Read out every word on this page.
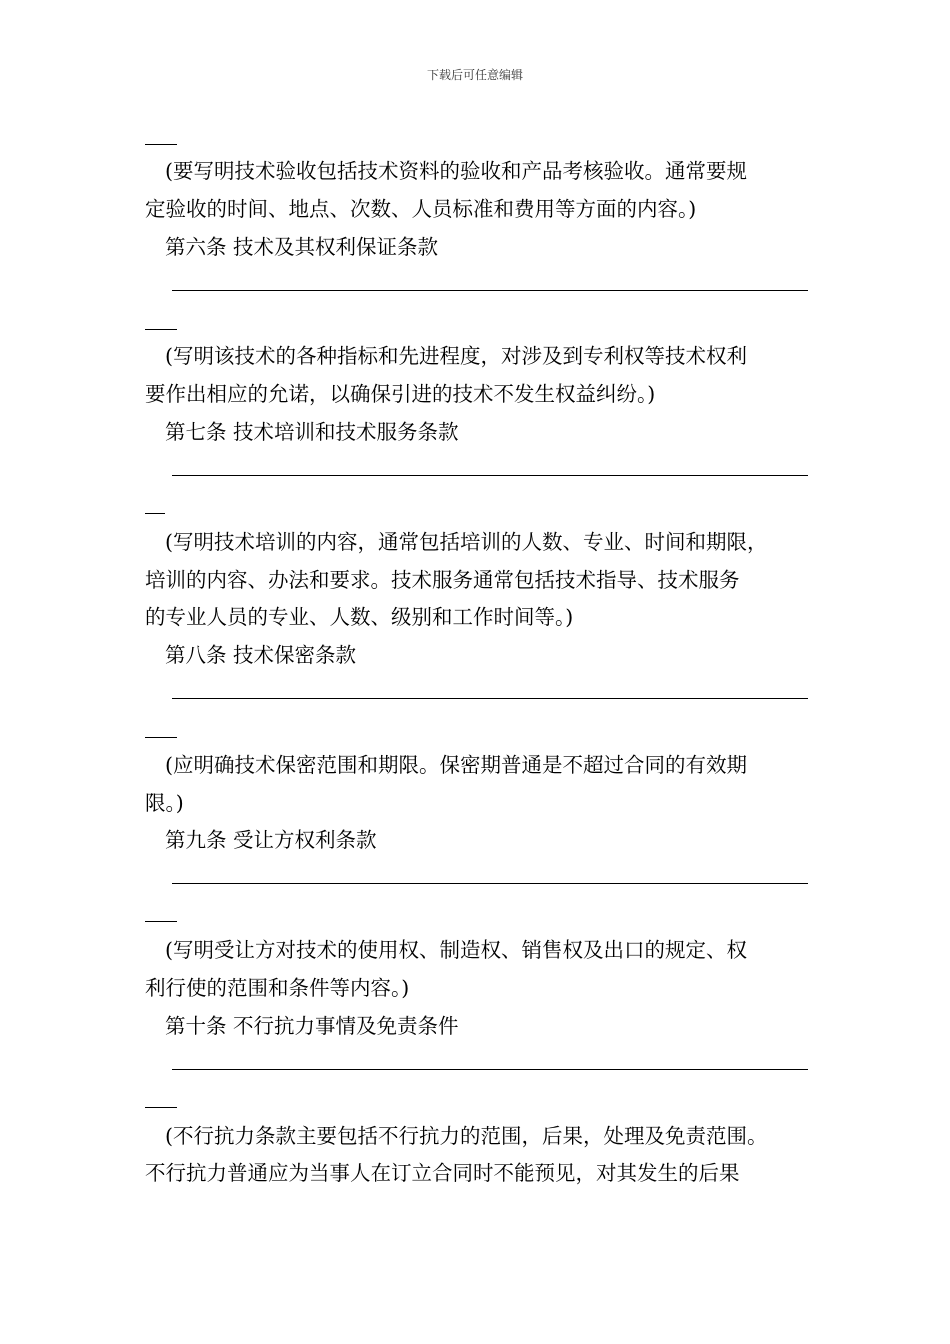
下载后可任意编辑
(要写明技术验收包括技术资料的验收和产品考核验收。通常要规
定验收的时间、地点、次数、人员标准和费用等方面的内容。)
第六条 技术及其权利保证条款
(写明该技术的各种指标和先进程度，对涉及到专利权等技术权利
要作出相应的允诺，以确保引进的技术不发生权益纠纷。)
第七条 技术培训和技术服务条款
(写明技术培训的内容，通常包括培训的人数、专业、时间和期限，
培训的内容、办法和要求。技术服务通常包括技术指导、技术服务
的专业人员的专业、人数、级别和工作时间等。)
第八条 技术保密条款
(应明确技术保密范围和期限。保密期普通是不超过合同的有效期
限。)
第九条 受让方权利条款
(写明受让方对技术的使用权、制造权、销售权及出口的规定、权
利行使的范围和条件等内容。)
第十条 不行抗力事情及免责条件
(不行抗力条款主要包括不行抗力的范围，后果，处理及免责范围。
不行抗力普通应为当事人在订立合同时不能预见，对其发生的后果
